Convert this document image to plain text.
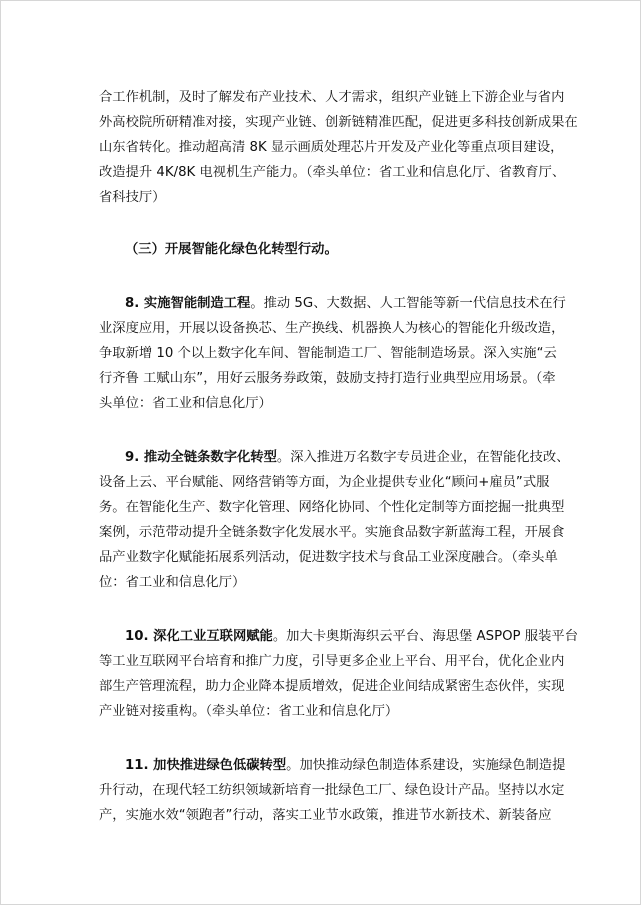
合工作机制，及时了解发布产业技术、人才需求，组织产业链上下游企业与省内
外高校院所研精准对接，实现产业链、创新链精准匹配，促进更多科技创新成果在
山东省转化。推动超高清 8K 显示画质处理芯片开发及产业化等重点项目建设，
改造提升 4K/8K 电视机生产能力。（牵头单位：省工业和信息化厅、省教育厅、
省科技厅）
（三）开展智能化绿色化转型行动。
8. 实施智能制造工程。推动 5G、大数据、人工智能等新一代信息技术在行
业深度应用，开展以设备换芯、生产换线、机器换人为核心的智能化升级改造，
争取新增 10 个以上数字化车间、智能制造工厂、智能制造场景。深入实施“云
行齐鲁 工赋山东”，用好云服务券政策，鼓励支持打造行业典型应用场景。（牵
头单位：省工业和信息化厅）
9. 推动全链条数字化转型。深入推进万名数字专员进企业，在智能化技改、
设备上云、平台赋能、网络营销等方面，为企业提供专业化“顾问+雇员”式服
务。在智能化生产、数字化管理、网络化协同、个性化定制等方面挖掘一批典型
案例，示范带动提升全链条数字化发展水平。实施食品数字新蓝海工程，开展食
品产业数字化赋能拓展系列活动，促进数字技术与食品工业深度融合。（牵头单
位：省工业和信息化厅）
10. 深化工业互联网赋能。加大卡奥斯海织云平台、海思堡 ASPOP 服装平台
等工业互联网平台培育和推广力度，引导更多企业上平台、用平台，优化企业内
部生产管理流程，助力企业降本提质增效，促进企业间结成紧密生态伙伴，实现
产业链对接重构。（牵头单位：省工业和信息化厅）
11. 加快推进绿色低碳转型。加快推动绿色制造体系建设，实施绿色制造提
升行动，在现代轻工纺织领域新培育一批绿色工厂、绿色设计产品。坚持以水定
产，实施水效“领跑者”行动，落实工业节水政策，推进节水新技术、新装备应
